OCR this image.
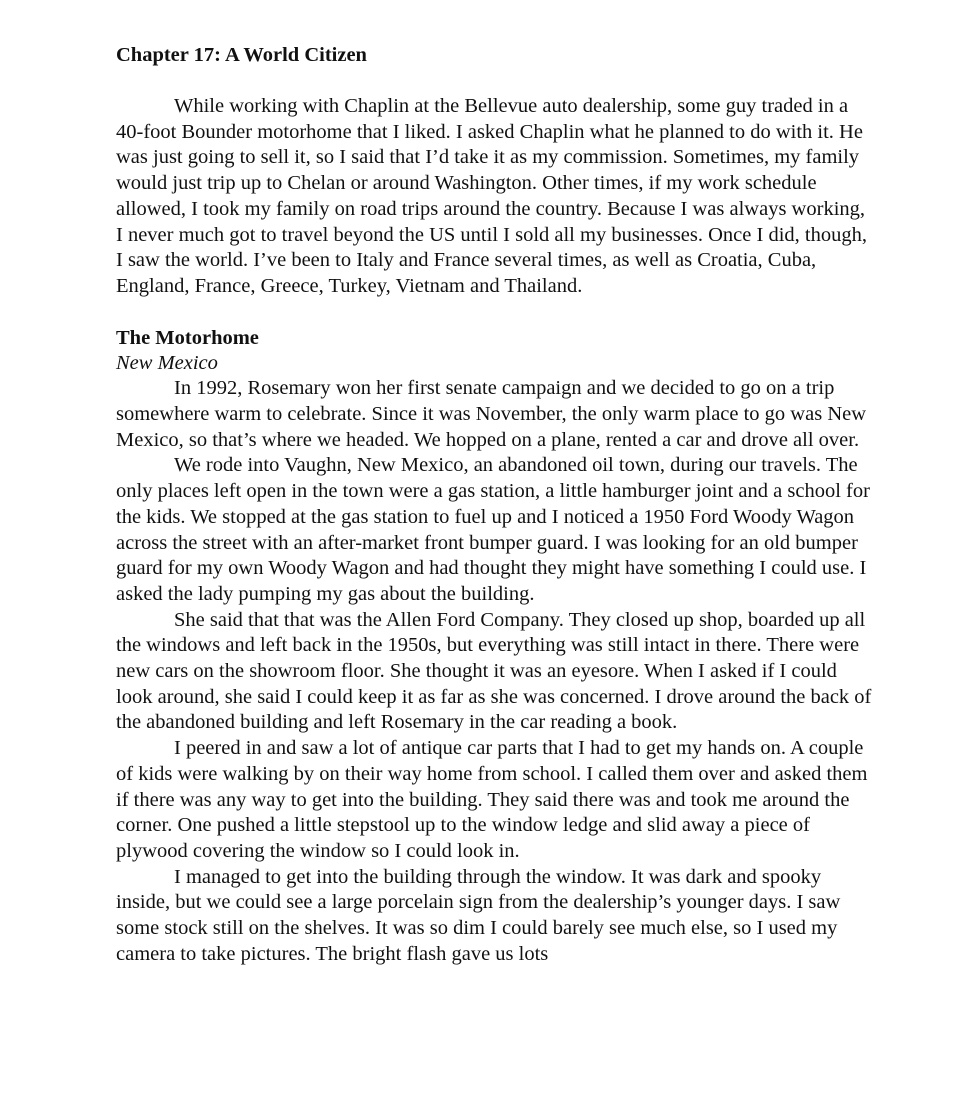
Chapter 17: A World Citizen

While working with Chaplin at the Bellevue auto dealership, some guy traded in a 40-foot Bounder motorhome that I liked. I asked Chaplin what he planned to do with it. He was just going to sell it, so I said that I’d take it as my commission. Sometimes, my family would just trip up to Chelan or around Washington. Other times, if my work schedule allowed, I took my family on road trips around the country. Because I was always working, I never much got to travel beyond the US until I sold all my businesses. Once I did, though, I saw the world. I’ve been to Italy and France several times, as well as Croatia, Cuba, England, France, Greece, Turkey, Vietnam and Thailand.

The Motorhome
New Mexico

In 1992, Rosemary won her first senate campaign and we decided to go on a trip somewhere warm to celebrate. Since it was November, the only warm place to go was New Mexico, so that’s where we headed. We hopped on a plane, rented a car and drove all over.

We rode into Vaughn, New Mexico, an abandoned oil town, during our travels. The only places left open in the town were a gas station, a little hamburger joint and a school for the kids. We stopped at the gas station to fuel up and I noticed a 1950 Ford Woody Wagon across the street with an after-market front bumper guard. I was looking for an old bumper guard for my own Woody Wagon and had thought they might have something I could use. I asked the lady pumping my gas about the building.

She said that that was the Allen Ford Company. They closed up shop, boarded up all the windows and left back in the 1950s, but everything was still intact in there. There were new cars on the showroom floor. She thought it was an eyesore. When I asked if I could look around, she said I could keep it as far as she was concerned. I drove around the back of the abandoned building and left Rosemary in the car reading a book.

I peered in and saw a lot of antique car parts that I had to get my hands on. A couple of kids were walking by on their way home from school. I called them over and asked them if there was any way to get into the building. They said there was and took me around the corner. One pushed a little stepstool up to the window ledge and slid away a piece of plywood covering the window so I could look in.

I managed to get into the building through the window. It was dark and spooky inside, but we could see a large porcelain sign from the dealership’s younger days. I saw some stock still on the shelves. It was so dim I could barely see much else, so I used my camera to take pictures. The bright flash gave us lots
